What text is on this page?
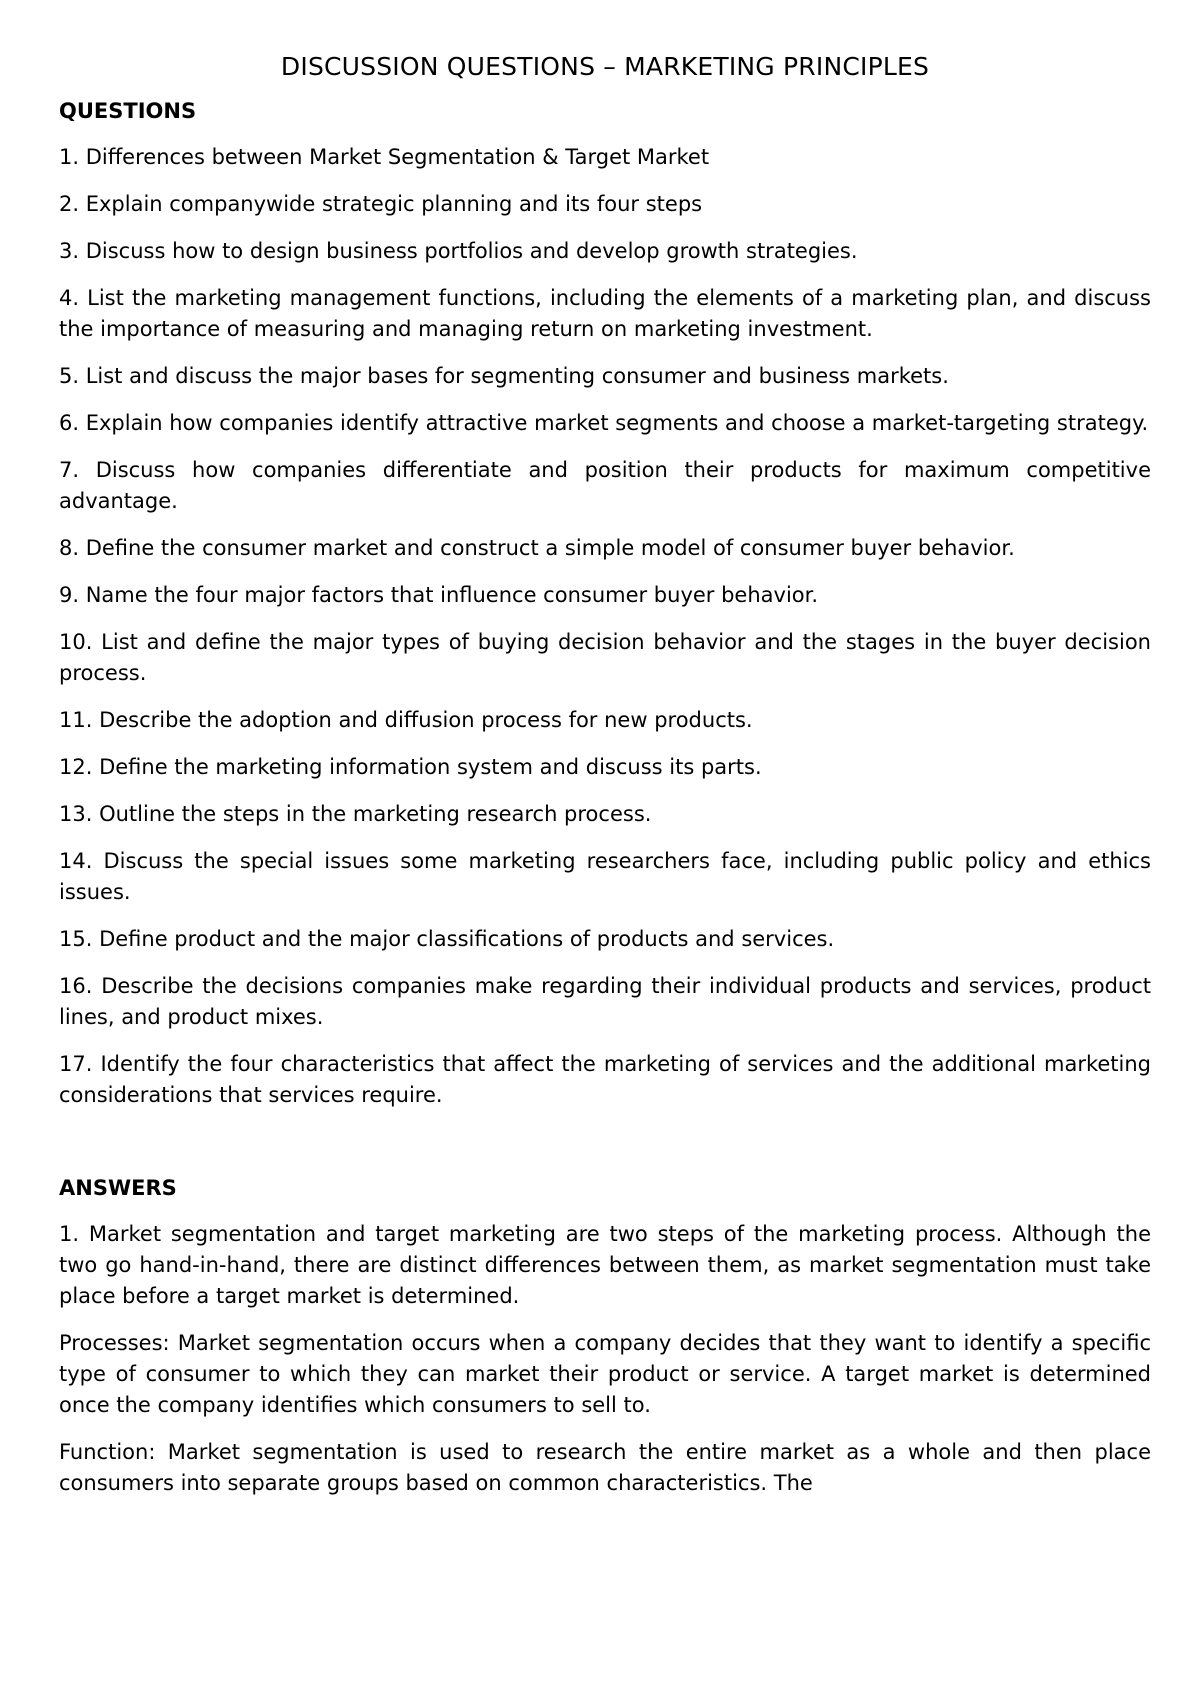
DISCUSSION QUESTIONS – MARKETING PRINCIPLES
QUESTIONS

1. Differences between Market Segmentation & Target Market

2. Explain companywide strategic planning and its four steps

3. Discuss how to design business portfolios and develop growth strategies.

4. List the marketing management functions, including the elements of a marketing plan, and discuss the importance of measuring and managing return on marketing investment.

5. List and discuss the major bases for segmenting consumer and business markets.

6. Explain how companies identify attractive market segments and choose a market-targeting strategy.

7. Discuss how companies differentiate and position their products for maximum competitive advantage.

8. Define the consumer market and construct a simple model of consumer buyer behavior.

9. Name the four major factors that influence consumer buyer behavior.

10. List and define the major types of buying decision behavior and the stages in the buyer decision process.

11. Describe the adoption and diffusion process for new products.

12. Define the marketing information system and discuss its parts.

13. Outline the steps in the marketing research process.

14. Discuss the special issues some marketing researchers face, including public policy and ethics issues.

15. Define product and the major classifications of products and services.

16. Describe the decisions companies make regarding their individual products and services, product lines, and product mixes.

17. Identify the four characteristics that affect the marketing of services and the additional marketing considerations that services require.

ANSWERS

1. Market segmentation and target marketing are two steps of the marketing process. Although the two go hand-in-hand, there are distinct differences between them, as market segmentation must take place before a target market is determined.

Processes: Market segmentation occurs when a company decides that they want to identify a specific type of consumer to which they can market their product or service. A target market is determined once the company identifies which consumers to sell to.

Function: Market segmentation is used to research the entire market as a whole and then place consumers into separate groups based on common characteristics. The
